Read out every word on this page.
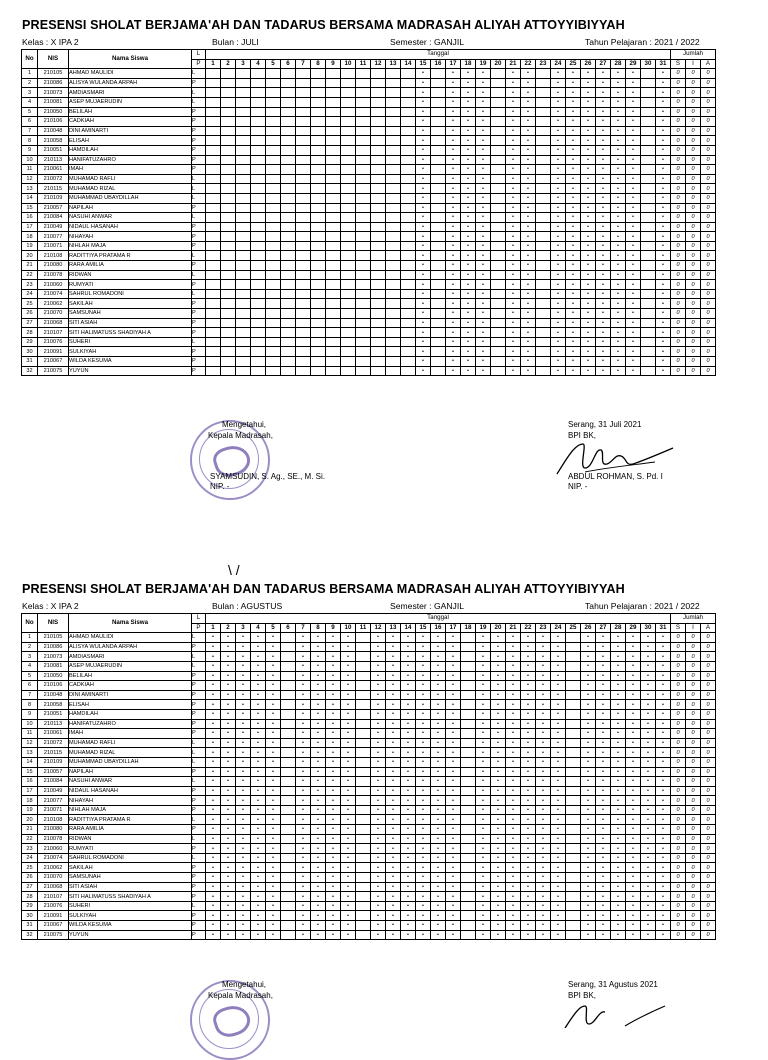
PRESENSI SHOLAT BERJAMA'AH DAN TADARUS BERSAMA MADRASAH ALIYAH ATTOYYIBIYYAH
Kelas : X IPA 2	Bulan : JULI	Semester : GANJIL	Tahun Pelajaran : 2021 / 2022
No	NIS	Nama Siswa	L	Tanggal																															Jumlah		
			P	1	2	3	4	5	6	7	8	9	10	11	12	13	14	15	16	17	18	19	20	21	22	23	24	25	26	27	28	29	30	31	S	I	A
1	210105	AHMAD MAULIDI	L															•		•	•	•		•	•		•	•	•	•	•	•		•	0	0	0
2	210086	ALISYA WULANDA ARPAH	P															•		•	•	•		•	•		•	•	•	•	•	•		•	0	0	0
3	210073	AMDIASMARI	L															•		•	•	•		•	•		•	•	•	•	•	•		•	0	0	0
4	210081	ASEP MUJAERUDIN	L															•		•	•	•		•	•		•	•	•	•	•	•		•	0	0	0
5	210050	BELILAH	P															•		•	•	•		•	•		•	•	•	•	•	•		•	0	0	0
6	210106	CADKIAH	P															•		•	•	•		•	•		•	•	•	•	•	•		•	0	0	0
7	210048	DINI AMINARTI	P															•		•	•	•		•	•		•	•	•	•	•	•		•	0	0	0
8	210058	ELISAH	P															•		•	•	•		•	•		•	•	•	•	•	•		•	0	0	0
9	210051	HAMDILAH	P															•		•	•	•		•	•		•	•	•	•	•	•		•	0	0	0
10	210113	HANIFATUZAHRO	P															•		•	•	•		•	•		•	•	•	•	•	•		•	0	0	0
11	210061	IMAH	P															•		•	•	•		•	•		•	•	•	•	•	•		•	0	0	0
12	210072	MUHAMAD RAFLI	L															•		•	•	•		•	•		•	•	•	•	•	•		•	0	0	0
13	210115	MUHAMAD RIZAL	L															•		•	•	•		•	•		•	•	•	•	•	•		•	0	0	0
14	210109	MUHAMMAD UBAYDILLAH	L															•		•	•	•		•	•		•	•	•	•	•	•		•	0	0	0
15	210057	NAPILAH	P															•		•	•	•		•	•		•	•	•	•	•	•		•	0	0	0
16	210084	NASUHI ANWAR	L															•		•	•	•		•	•		•	•	•	•	•	•		•	0	0	0
17	210049	NIDAUL HASANAH	P															•		•	•	•		•	•		•	•	•	•	•	•		•	0	0	0
18	210077	NIHAYAH	P															•		•	•	•		•	•		•	•	•	•	•	•		•	0	0	0
19	210071	NIHLAH MAJA	P															•		•	•	•		•	•		•	•	•	•	•	•		•	0	0	0
20	210108	RADITTIYA PRATAMA R	L															•		•	•	•		•	•		•	•	•	•	•	•		•	0	0	0
21	210080	RARA AMILIA	P															•		•	•	•		•	•		•	•	•	•	•	•		•	0	0	0
22	210078	RIDWAN	L															•		•	•	•		•	•		•	•	•	•	•	•		•	0	0	0
23	210060	RUMYATI	P															•		•	•	•		•	•		•	•	•	•	•	•		•	0	0	0
24	210074	SAHRUL ROMADONI	L															•		•	•	•		•	•		•	•	•	•	•	•		•	0	0	0
25	210062	SAKILAH	P															•		•	•	•		•	•		•	•	•	•	•	•		•	0	0	0
26	210070	SAMSUNAH	P															•		•	•	•		•	•		•	•	•	•	•	•		•	0	0	0
27	210068	SITI ASIAH	P															•		•	•	•		•	•		•	•	•	•	•	•		•	0	0	0
28	210107	SITI HALIMATUSS SHADIYAH A	P															•		•	•	•		•	•		•	•	•	•	•	•		•	0	0	0
29	210076	SUHERI	L															•		•	•	•		•	•		•	•	•	•	•	•		•	0	0	0
30	210091	SULKIYAH	P															•		•	•	•		•	•		•	•	•	•	•	•		•	0	0	0
31	210067	WILDA KESUMA	P															•		•	•	•		•	•		•	•	•	•	•	•		•	0	0	0
32	210075	YUYUN	P															•		•	•	•		•	•		•	•	•	•	•	•		•	0	0	0
Mengetahui,
Kepala Madrasah,
SYAMSUDIN, S. Ag., SE., M. Si.
NIP. -
Serang, 31 Juli 2021
BPI BK,
ABDUL ROHMAN, S. Pd. I
NIP. -
\ /
PRESENSI SHOLAT BERJAMA'AH DAN TADARUS BERSAMA MADRASAH ALIYAH ATTOYYIBIYYAH
Kelas : X IPA 2	Bulan : AGUSTUS	Semester : GANJIL	Tahun Pelajaran : 2021 / 2022
No	NIS	Nama Siswa	L	Tanggal																															Jumlah		
			P	1	2	3	4	5	6	7	8	9	10	11	12	13	14	15	16	17	18	19	20	21	22	23	24	25	26	27	28	29	30	31	S	I	A
1	210105	AHMAD MAULIDI	L	•	•	•	•	•		•	•	•	•		•	•	•	•	•	•		•	•	•	•	•	•		•	•	•	•	•	•	0	0	0
2	210086	ALISYA WULANDA ARPAH	P	•	•	•	•	•		•	•	•	•		•	•	•	•	•	•		•	•	•	•	•	•		•	•	•	•	•	•	0	0	0
3	210073	AMDIASMARI	L	•	•	•	•	•		•	•	•	•		•	•	•	•	•	•		•	•	•	•	•	•		•	•	•	•	•	•	0	0	0
4	210081	ASEP MUJAERUDIN	L	•	•	•	•	•		•	•	•	•		•	•	•	•	•	•		•	•	•	•	•	•		•	•	•	•	•	•	0	0	0
5	210050	BELILAH	P	•	•	•	•	•		•	•	•	•		•	•	•	•	•	•		•	•	•	•	•	•		•	•	•	•	•	•	0	0	0
6	210106	CADKIAH	P	•	•	•	•	•		•	•	•	•		•	•	•	•	•	•		•	•	•	•	•	•		•	•	•	•	•	•	0	0	0
7	210048	DINI AMINARTI	P	•	•	•	•	•		•	•	•	•		•	•	•	•	•	•		•	•	•	•	•	•		•	•	•	•	•	•	0	0	0
8	210058	ELISAH	P	•	•	•	•	•		•	•	•	•		•	•	•	•	•	•		•	•	•	•	•	•		•	•	•	•	•	•	0	0	0
9	210051	HAMDILAH	P	•	•	•	•	•		•	•	•	•		•	•	•	•	•	•		•	•	•	•	•	•		•	•	•	•	•	•	0	0	0
10	210113	HANIFATUZAHRO	P	•	•	•	•	•		•	•	•	•		•	•	•	•	•	•		•	•	•	•	•	•		•	•	•	•	•	•	0	0	0
11	210061	IMAH	P	•	•	•	•	•		•	•	•	•		•	•	•	•	•	•		•	•	•	•	•	•		•	•	•	•	•	•	0	0	0
12	210072	MUHAMAD RAFLI	L	•	•	•	•	•		•	•	•	•		•	•	•	•	•	•		•	•	•	•	•	•		•	•	•	•	•	•	0	0	0
13	210115	MUHAMAD RIZAL	L	•	•	•	•	•		•	•	•	•		•	•	•	•	•	•		•	•	•	•	•	•		•	•	•	•	•	•	0	0	0
14	210109	MUHAMMAD UBAYDILLAH	L	•	•	•	•	•		•	•	•	•		•	•	•	•	•	•		•	•	•	•	•	•		•	•	•	•	•	•	0	0	0
15	210057	NAPILAH	P	•	•	•	•	•		•	•	•	•		•	•	•	•	•	•		•	•	•	•	•	•		•	•	•	•	•	•	0	0	0
16	210084	NASUHI ANWAR	L	•	•	•	•	•		•	•	•	•		•	•	•	•	•	•		•	•	•	•	•	•		•	•	•	•	•	•	0	0	0
17	210049	NIDAUL HASANAH	P	•	•	•	•	•		•	•	•	•		•	•	•	•	•	•		•	•	•	•	•	•		•	•	•	•	•	•	0	0	0
18	210077	NIHAYAH	P	•	•	•	•	•		•	•	•	•		•	•	•	•	•	•		•	•	•	•	•	•		•	•	•	•	•	•	0	0	0
19	210071	NIHLAH MAJA	P	•	•	•	•	•		•	•	•	•		•	•	•	•	•	•		•	•	•	•	•	•		•	•	•	•	•	•	0	0	0
20	210108	RADITTIYA PRATAMA R	L	•	•	•	•	•		•	•	•	•		•	•	•	•	•	•		•	•	•	•	•	•		•	•	•	•	•	•	0	0	0
21	210080	RARA AMILIA	P	•	•	•	•	•		•	•	•	•		•	•	•	•	•	•		•	•	•	•	•	•		•	•	•	•	•	•	0	0	0
22	210078	RIDWAN	L	•	•	•	•	•		•	•	•	•		•	•	•	•	•	•		•	•	•	•	•	•		•	•	•	•	•	•	0	0	0
23	210060	RUMYATI	P	•	•	•	•	•		•	•	•	•		•	•	•	•	•	•		•	•	•	•	•	•		•	•	•	•	•	•	0	0	0
24	210074	SAHRUL ROMADONI	L	•	•	•	•	•		•	•	•	•		•	•	•	•	•	•		•	•	•	•	•	•		•	•	•	•	•	•	0	0	0
25	210062	SAKILAH	P	•	•	•	•	•		•	•	•	•		•	•	•	•	•	•		•	•	•	•	•	•		•	•	•	•	•	•	0	0	0
26	210070	SAMSUNAH	P	•	•	•	•	•		•	•	•	•		•	•	•	•	•	•		•	•	•	•	•	•		•	•	•	•	•	•	0	0	0
27	210068	SITI ASIAH	P	•	•	•	•	•		•	•	•	•		•	•	•	•	•	•		•	•	•	•	•	•		•	•	•	•	•	•	0	0	0
28	210107	SITI HALIMATUSS SHADIYAH A	P	•	•	•	•	•		•	•	•	•		•	•	•	•	•	•		•	•	•	•	•	•		•	•	•	•	•	•	0	0	0
29	210076	SUHERI	L	•	•	•	•	•		•	•	•	•		•	•	•	•	•	•		•	•	•	•	•	•		•	•	•	•	•	•	0	0	0
30	210091	SULKIYAH	P	•	•	•	•	•		•	•	•	•		•	•	•	•	•	•		•	•	•	•	•	•		•	•	•	•	•	•	0	0	0
31	210067	WILDA KESUMA	P	•	•	•	•	•		•	•	•	•		•	•	•	•	•	•		•	•	•	•	•	•		•	•	•	•	•	•	0	0	0
32	210075	YUYUN	P	•	•	•	•	•		•	•	•	•		•	•	•	•	•	•		•	•	•	•	•	•		•	•	•	•	•	•	0	0	0
Mengetahui,
Kepala Madrasah,
Serang, 31 Agustus 2021
BPI BK,
